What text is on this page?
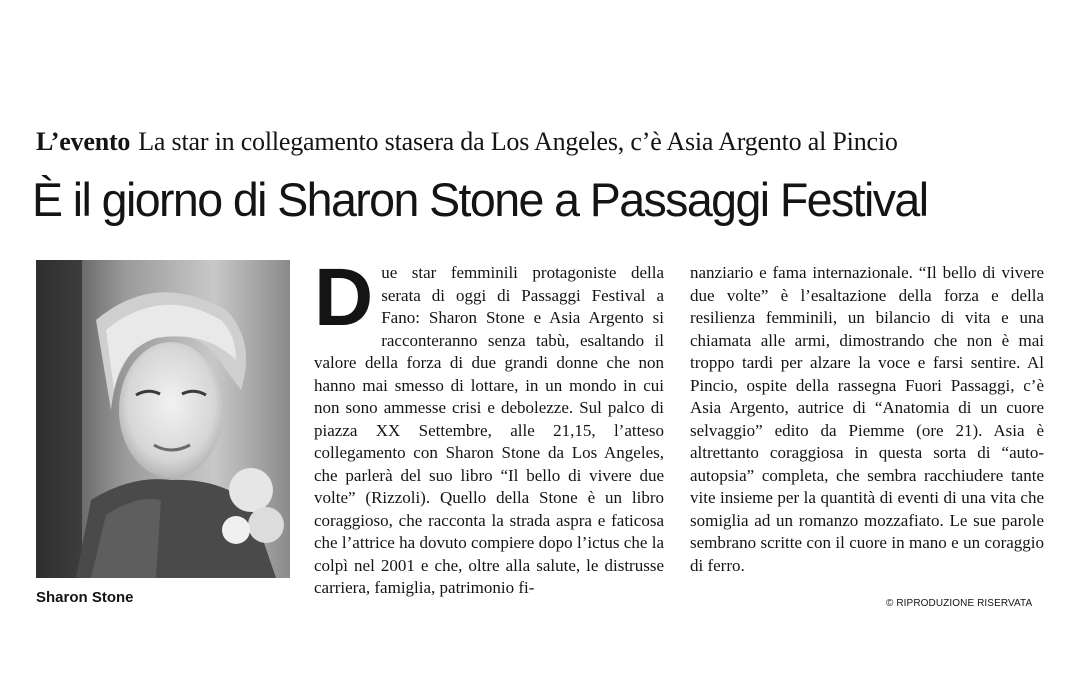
L’evento La star in collegamento stasera da Los Angeles, c’è Asia Argento al Pincio
È il giorno di Sharon Stone a Passaggi Festival
Sharon Stone
D ue star femminili protagoniste della serata di oggi di Passaggi Festival a Fano: Sharon Stone e Asia Argento si racconteranno senza tabù, esaltando il valore della forza di due grandi donne che non hanno mai smesso di lottare, in un mondo in cui non sono ammesse crisi e debolezze. Sul palco di piazza XX Settembre, alle 21,15, l’atteso collegamento con Sharon Stone da Los Angeles, che parlerà del suo libro “Il bello di vivere due volte” (Rizzoli). Quello della Stone è un libro coraggioso, che racconta la strada aspra e faticosa che l’attrice ha dovuto compiere dopo l’ictus che la colpì nel 2001 e che, oltre alla salute, le distrusse carriera, famiglia, patrimonio fi-

nanziario e fama internazionale. “Il bello di vivere due volte” è l’esaltazione della forza e della resilienza femminili, un bilancio di vita e una chiamata alle armi, dimostrando che non è mai troppo tardi per alzare la voce e farsi sentire. Al Pincio, ospite della rassegna Fuori Passaggi, c’è Asia Argento, autrice di “Anatomia di un cuore selvaggio” edito da Piemme (ore 21). Asia è altrettanto coraggiosa in questa sorta di “auto-autopsia” completa, che sembra racchiudere tante vite insieme per la quantità di eventi di una vita che somiglia ad un romanzo mozzafiato. Le sue parole sembrano scritte con il cuore in mano e un coraggio di ferro.

© RIPRODUZIONE RISERVATA
